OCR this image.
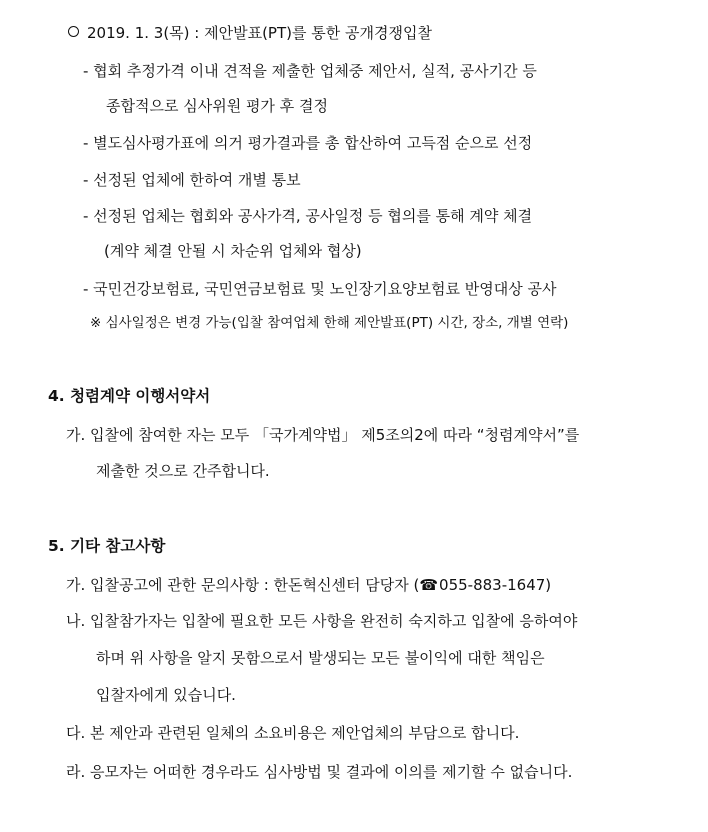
2019. 1. 3(목) : 제안발표(PT)를 통한 공개경쟁입찰
- 협회 추정가격 이내 견적을 제출한 업체중 제안서, 실적, 공사기간 등
종합적으로 심사위원 평가 후 결정
- 별도심사평가표에 의거 평가결과를 총 합산하여 고득점 순으로 선정
- 선정된 업체에 한하여 개별 통보
- 선정된 업체는 협회와 공사가격, 공사일정 등 협의를 통해 계약 체결
(계약 체결 안될 시 차순위 업체와 협상)
- 국민건강보험료, 국민연금보험료 및 노인장기요양보험료 반영대상 공사
※ 심사일정은 변경 가능(입찰 참여업체 한해 제안발표(PT) 시간, 장소, 개별 연락)
4. 청렴계약 이행서약서
가. 입찰에 참여한 자는 모두 「국가계약법」 제5조의2에 따라 “청렴계약서”를
제출한 것으로 간주합니다.
5. 기타 참고사항
가. 입찰공고에 관한 문의사항 : 한돈혁신센터 담당자 (☎055-883-1647)
나. 입찰참가자는 입찰에 필요한 모든 사항을 완전히 숙지하고 입찰에 응하여야
하며 위 사항을 알지 못함으로서 발생되는 모든 불이익에 대한 책임은
입찰자에게 있습니다.
다. 본 제안과 관련된 일체의 소요비용은 제안업체의 부담으로 합니다.
라. 응모자는 어떠한 경우라도 심사방법 및 결과에 이의를 제기할 수 없습니다.
